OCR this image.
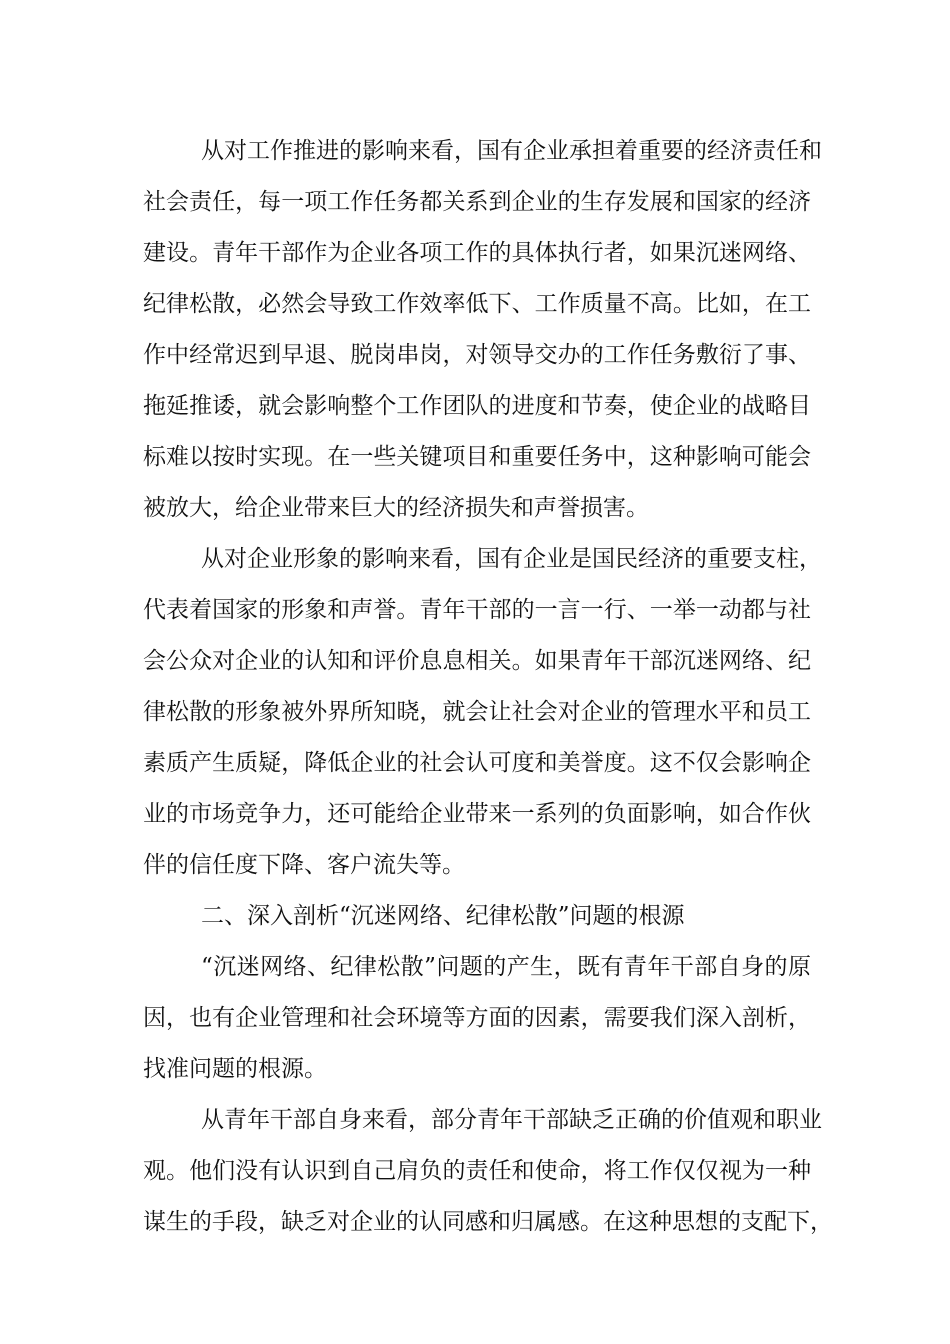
从对工作推进的影响来看，国有企业承担着重要的经济责任和
社会责任，每一项工作任务都关系到企业的生存发展和国家的经济
建设。青年干部作为企业各项工作的具体执行者，如果沉迷网络、
纪律松散，必然会导致工作效率低下、工作质量不高。比如，在工
作中经常迟到早退、脱岗串岗，对领导交办的工作任务敷衍了事、
拖延推诿，就会影响整个工作团队的进度和节奏，使企业的战略目
标难以按时实现。在一些关键项目和重要任务中，这种影响可能会
被放大，给企业带来巨大的经济损失和声誉损害。
从对企业形象的影响来看，国有企业是国民经济的重要支柱，
代表着国家的形象和声誉。青年干部的一言一行、一举一动都与社
会公众对企业的认知和评价息息相关。如果青年干部沉迷网络、纪
律松散的形象被外界所知晓，就会让社会对企业的管理水平和员工
素质产生质疑，降低企业的社会认可度和美誉度。这不仅会影响企
业的市场竞争力，还可能给企业带来一系列的负面影响，如合作伙
伴的信任度下降、客户流失等。
二、深入剖析“沉迷网络、纪律松散”问题的根源
“沉迷网络、纪律松散”问题的产生，既有青年干部自身的原
因，也有企业管理和社会环境等方面的因素，需要我们深入剖析，
找准问题的根源。
从青年干部自身来看，部分青年干部缺乏正确的价值观和职业
观。他们没有认识到自己肩负的责任和使命，将工作仅仅视为一种
谋生的手段，缺乏对企业的认同感和归属感。在这种思想的支配下，
